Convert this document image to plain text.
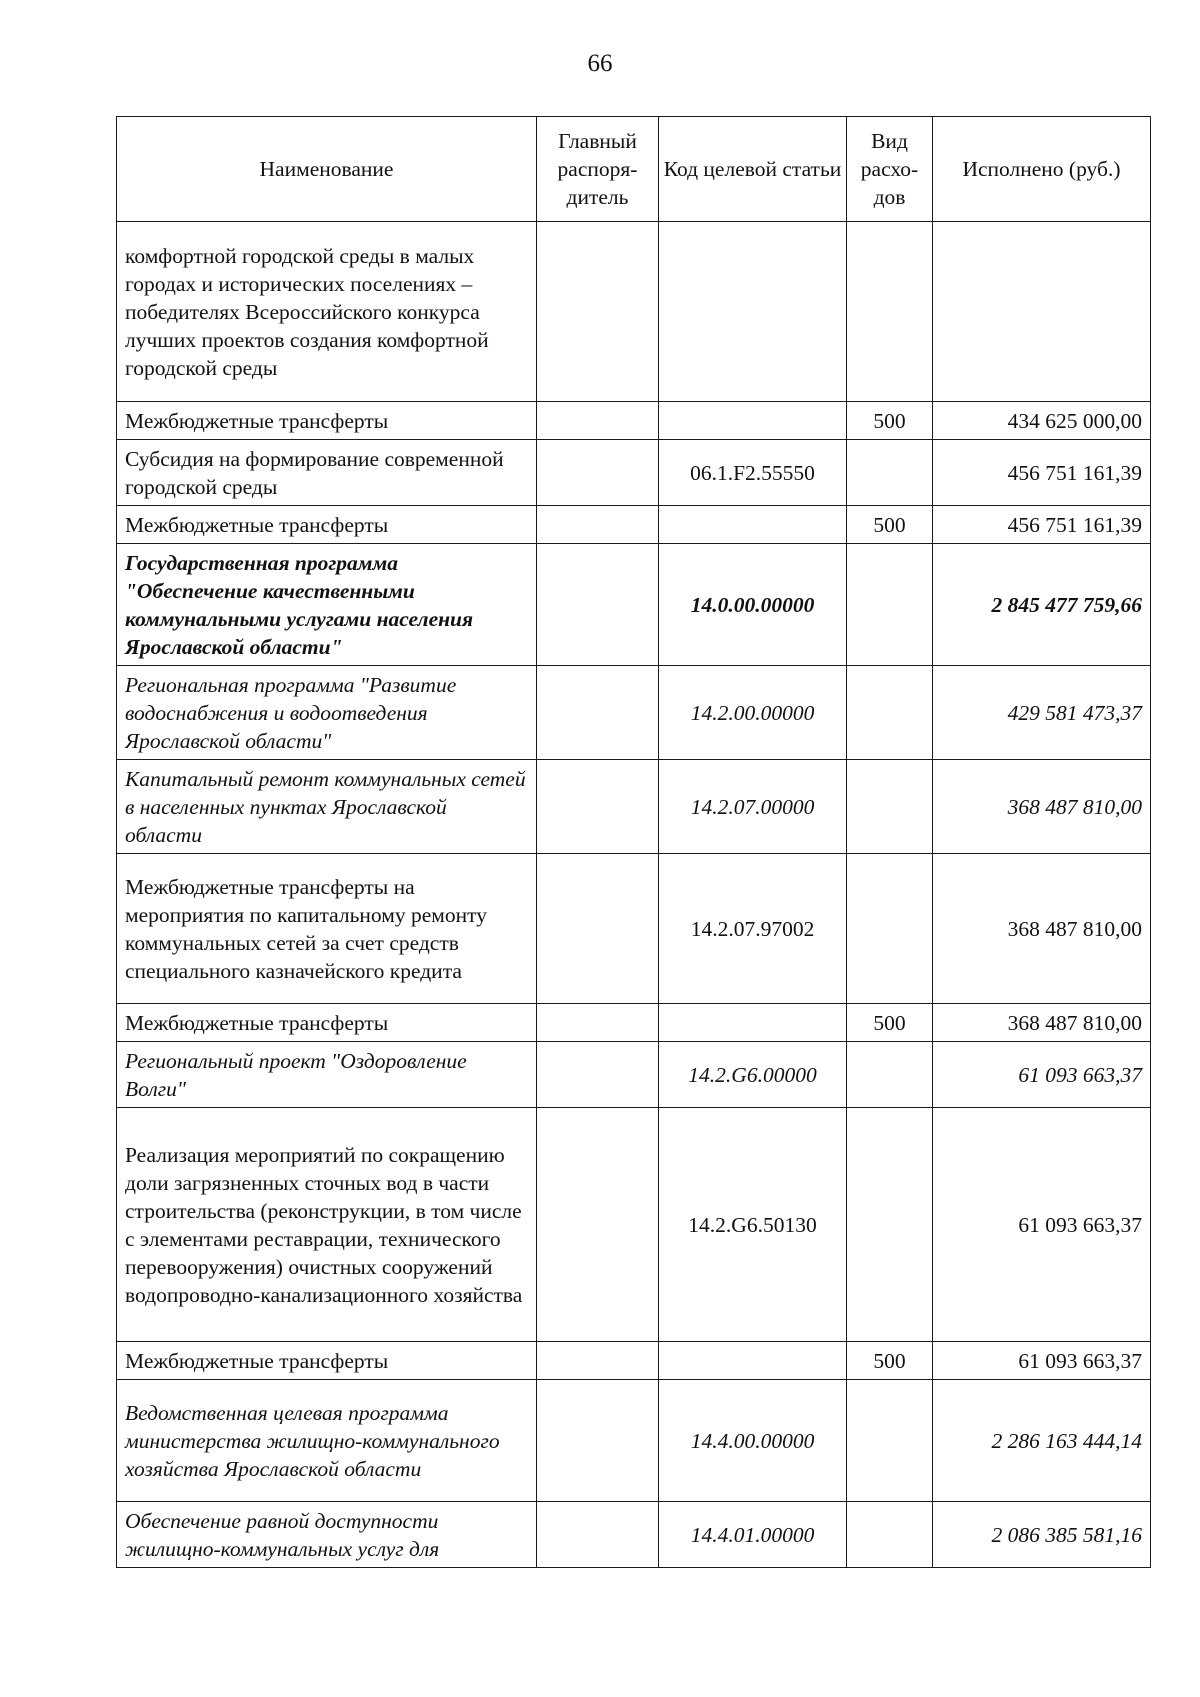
66
Наименование	Главный распоря-дитель	Код целевой статьи	Вид расхо-дов	Исполнено (руб.)
комфортной городской среды в малых городах и исторических поселениях – победителях Всероссийского конкурса лучших проектов создания комфортной городской среды				
Межбюджетные трансферты			500	434 625 000,00
Субсидия на формирование современной городской среды		06.1.F2.55550		456 751 161,39
Межбюджетные трансферты			500	456 751 161,39
Государственная программа "Обеспечение качественными коммунальными услугами населения Ярославской области"		14.0.00.00000		2 845 477 759,66
Региональная программа "Развитие водоснабжения и водоотведения Ярославской области"		14.2.00.00000		429 581 473,37
Капитальный ремонт коммунальных сетей в населенных пунктах Ярославской области		14.2.07.00000		368 487 810,00
Межбюджетные трансферты на мероприятия по капитальному ремонту коммунальных сетей за счет средств специального казначейского кредита		14.2.07.97002		368 487 810,00
Межбюджетные трансферты			500	368 487 810,00
Региональный проект "Оздоровление Волги"		14.2.G6.00000		61 093 663,37
Реализация мероприятий по сокращению доли загрязненных сточных вод в части строительства (реконструкции, в том числе с элементами реставрации, технического перевооружения) очистных сооружений водопроводно-канализационного хозяйства		14.2.G6.50130		61 093 663,37
Межбюджетные трансферты			500	61 093 663,37
Ведомственная целевая программа министерства жилищно-коммунального хозяйства Ярославской области		14.4.00.00000		2 286 163 444,14
Обеспечение равной доступности жилищно-коммунальных услуг для		14.4.01.00000		2 086 385 581,16
